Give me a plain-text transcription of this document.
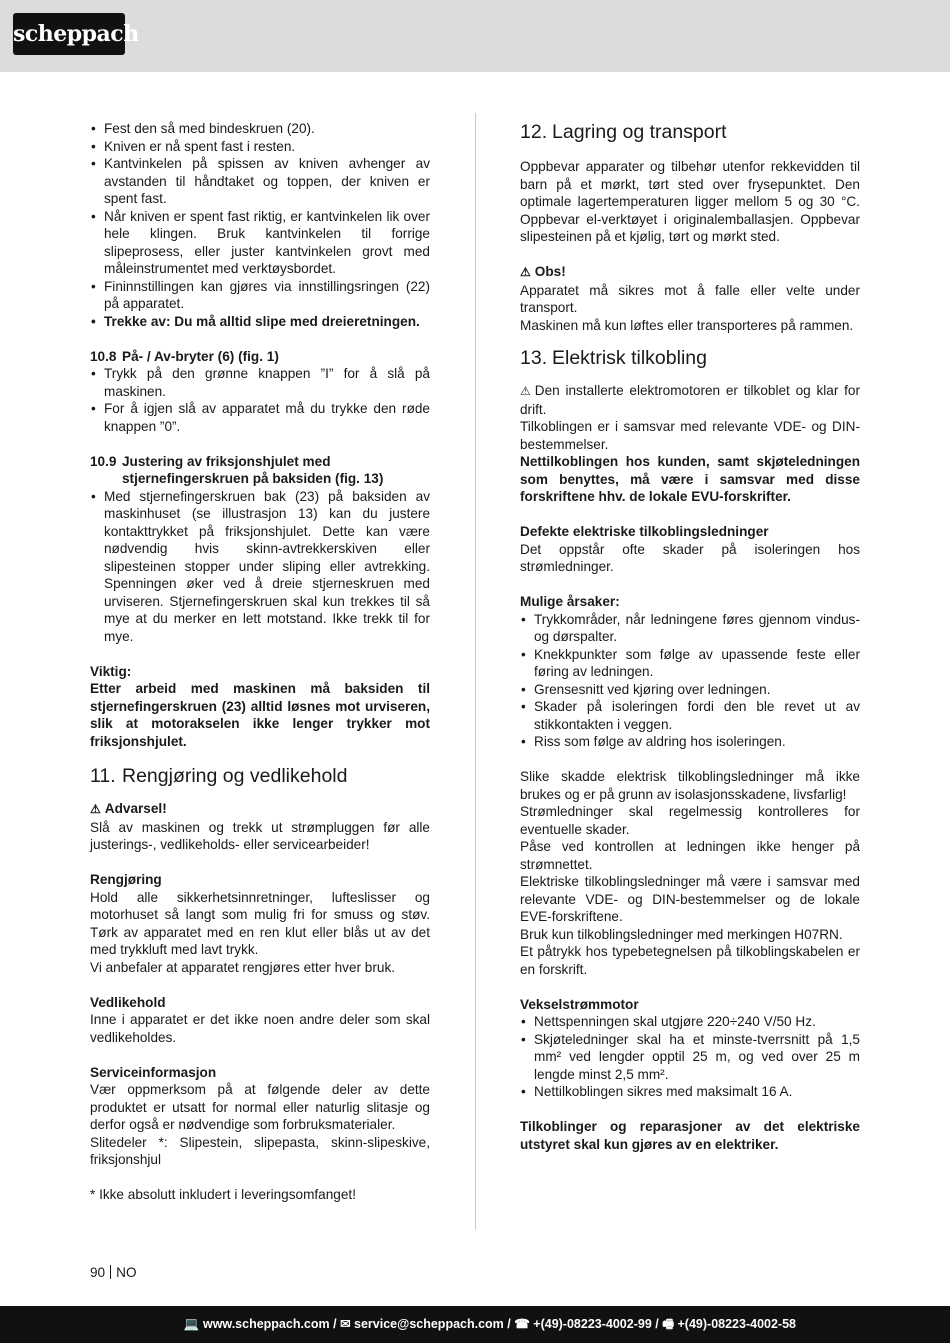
scheppach
• Fest den så med bindeskruen (20).
• Kniven er nå spent fast i resten.
• Kantvinkelen på spissen av kniven avhenger av avstanden til håndtaket og toppen, der kniven er spent fast.
• Når kniven er spent fast riktig, er kantvinkelen lik over hele klingen. Bruk kantvinkelen til forrige slipeprosess, eller juster kantvinkelen grovt med måleinstrumentet med verktøysbordet.
• Fininnstillingen kan gjøres via innstillingsringen (22) på apparatet.
• Trekke av: Du må alltid slipe med dreieretningen.
10.8 På- / Av-bryter (6) (fig. 1)
• Trykk på den grønne knappen ”I” for å slå på maskinen.
• For å igjen slå av apparatet må du trykke den røde knappen ”0”.
10.9 Justering av friksjonshjulet med stjernefingerskruen på baksiden (fig. 13)
• Med stjernefingerskruen bak (23) på baksiden av maskinhuset (se illustrasjon 13) kan du justere kontakttrykket på friksjonshjulet. Dette kan være nødvendig hvis skinn-avtrekkerskiven eller slipesteinen stopper under sliping eller avtrekking. Spenningen øker ved å dreie stjerneskruen med urviseren. Stjernefingerskruen skal kun trekkes til så mye at du merker en lett motstand. Ikke trekk til for mye.

Viktig:

Etter arbeid med maskinen må baksiden til stjernefingerskruen (23) alltid løsnes mot urviseren, slik at motorakselen ikke lenger trykker mot friksjonshjulet.

11. Rengjøring og vedlikehold

⚠ Advarsel!

Slå av maskinen og trekk ut strømpluggen før alle justerings-, vedlikeholds- eller servicearbeider!

Rengjøring

Hold alle sikkerhetsinnretninger, lufteslisser og motorhuset så langt som mulig fri for smuss og støv. Tørk av apparatet med en ren klut eller blås ut av det med trykkluft med lavt trykk.

Vi anbefaler at apparatet rengjøres etter hver bruk.

Vedlikehold

Inne i apparatet er det ikke noen andre deler som skal vedlikeholdes.

Serviceinformasjon

Vær oppmerksom på at følgende deler av dette produktet er utsatt for normal eller naturlig slitasje og derfor også er nødvendige som forbruksmaterialer.

Slitedeler *: Slipestein, slipepasta, skinn-slipeskive, friksjonshjul

* Ikke absolutt inkludert i leveringsomfanget!

12. Lagring og transport

Oppbevar apparater og tilbehør utenfor rekkevidden til barn på et mørkt, tørt sted over frysepunktet. Den optimale lagertemperaturen ligger mellom 5 og 30 °C. Oppbevar el-verktøyet i originalemballasjen. Oppbevar slipesteinen på et kjølig, tørt og mørkt sted.

⚠ Obs!

Apparatet må sikres mot å falle eller velte under transport.

Maskinen må kun løftes eller transporteres på rammen.

13. Elektrisk tilkobling

⚠ Den installerte elektromotoren er tilkoblet og klar for drift.

Tilkoblingen er i samsvar med relevante VDE- og DIN-bestemmelser.

Nettilkoblingen hos kunden, samt skjøteledningen som benyttes, må være i samsvar med disse forskriftene hhv. de lokale EVU-forskrifter.

Defekte elektriske tilkoblingsledninger

Det oppstår ofte skader på isoleringen hos strømledninger.

Mulige årsaker:

• Trykkområder, når ledningene føres gjennom vindus- og dørspalter.
• Knekkpunkter som følge av upassende feste eller føring av ledningen.
• Grensesnitt ved kjøring over ledningen.
• Skader på isoleringen fordi den ble revet ut av stikkontakten i veggen.
• Riss som følge av aldring hos isoleringen.

Slike skadde elektrisk tilkoblingsledninger må ikke brukes og er på grunn av isolasjonsskadene, livsfarlig!

Strømledninger skal regelmessig kontrolleres for eventuelle skader.

Påse ved kontrollen at ledningen ikke henger på strømnettet.

Elektriske tilkoblingsledninger må være i samsvar med relevante VDE- og DIN-bestemmelser og de lokale EVE-forskriftene.

Bruk kun tilkoblingsledninger med merkingen H07RN.

Et påtrykk hos typebetegnelsen på tilkoblingskabelen er en forskrift.

Vekselstrømmotor

• Nettspenningen skal utgjøre 220÷240 V/50 Hz.
• Skjøteledninger skal ha et minste-tverrsnitt på 1,5 mm² ved lengder opptil 25 m, og ved over 25 m lengde minst 2,5 mm².
• Nettilkoblingen sikres med maksimalt 16 A.

Tilkoblinger og reparasjoner av det elektriske utstyret skal kun gjøres av en elektriker.

90 NO
💻 www.scheppach.com / ✉ service@scheppach.com / ☎ +(49)-08223-4002-99 / 🖷 +(49)-08223-4002-58
